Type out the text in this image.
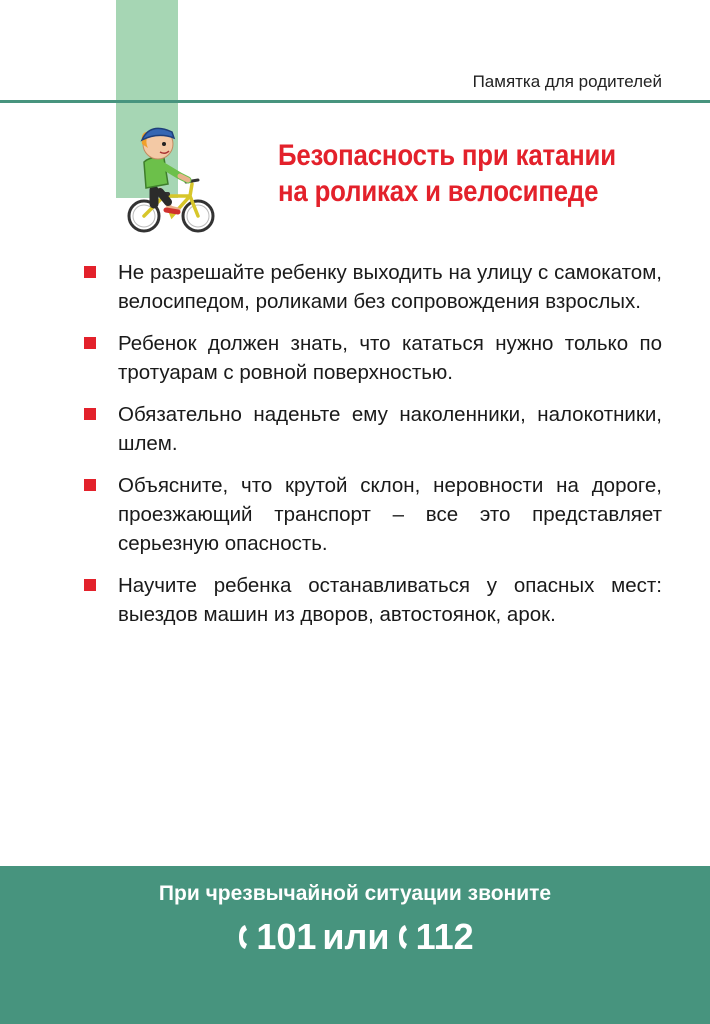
Памятка для родителей
Безопасность при катании
на роликах и велосипеде
Не разрешайте ребенку выходить на улицу с самокатом, велосипедом, роликами без сопровождения взрослых.
Ребенок должен знать, что кататься нужно только по тротуарам с ровной поверхностью.
Обязательно наденьте ему наколенники, налокотники, шлем.
Объясните, что крутой склон, неровности на дороге, проезжающий транспорт – все это представляет серьезную опасность.
Научите ребенка останавливаться у опасных мест: выездов машин из дворов, автостоянок, арок.
При чрезвычайной ситуации звоните
101 или 112
